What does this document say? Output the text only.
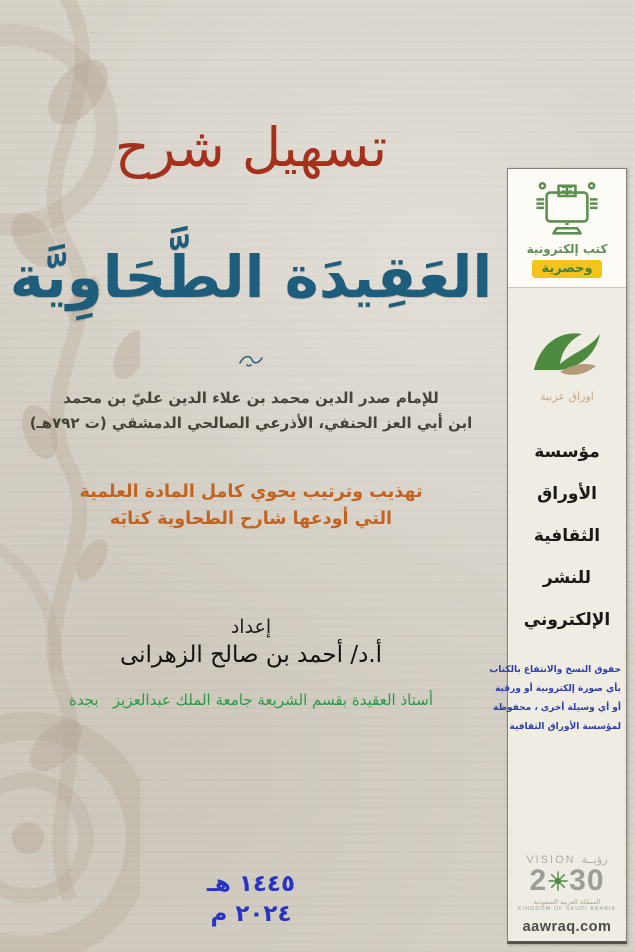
تسهيل شرح
العَقِيدَة الطَّحَاوِيَّة
للإمام صدر الدين محمد بن علاء الدين عليّ بن محمد
ابن أبي العز الحنفي، الأذرعي الصالحي الدمشقي (ت ٧٩٢هـ)
تهذيب وترتيب يحوي كامل المادة العلمية
التي أودعها شارح الطحاوية كتابَه
إعداد
أ.د/ أحمد بن صالح الزهرانى
أستاذ العقيدة بقسم الشريعة جامعة الملك عبدالعزيز   بجدة
١٤٤٥ هـ
٢٠٢٤ م
كتب إلكترونية
وحصرية
اوراق عربية
مؤسسة
الأوراق
الثقافية
للنشر
الإلكتروني
حقوق النسخ والانتفاع بالكتاب
بأي صورة إلكترونية أو ورقية
أو أي وسيلة أخرى ، محفوظة
لمؤسسة الأوراق الثقافية
VISION رؤيــة
2 30
المملكة العربية السعودية
KINGDOM OF SAUDI ARABIA
aawraq.com
